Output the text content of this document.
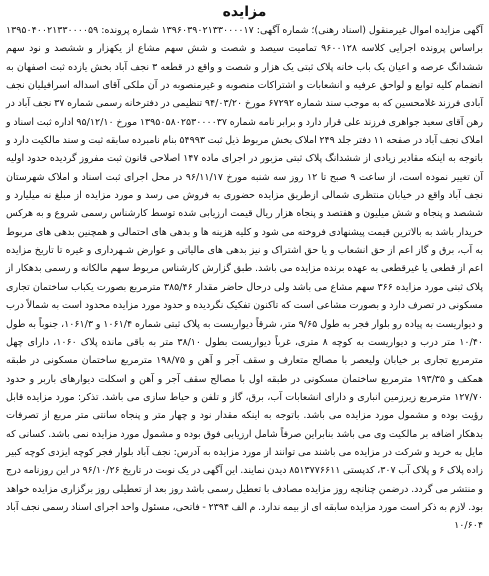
مزایده

آگهی مزایده اموال غیرمنقول (اسناد رهنی)؛ شماره آگهی: ۱۳۹۶۰۳۹۰۲۱۳۳۰۰۰۰۱۷ شماره پرونده: ۱۳۹۵۰۴۰۰۲۱۳۳۰۰۰۰۵۹ براساس پرونده اجرایی کلاسه ۹۶۰۰۱۲۸ تمامیت سیصد و شصت و شش سهم مشاع از یکهزار و ششصد و نود سهم ششدانگ عرصه و اعیان یک باب خانه پلاک ثبتی یک هزار و شصت و واقع در قطعه ۳ نجف آباد بخش یازده ثبت اصفهان به انضمام کلیه توابع و لواحق عرفیه و انشعابات و اشتراکات منصوبه و غیرمنصوبه در آن ملکی آقای اسداله اسرافیلیان نجف آبادی فرزند غلامحسین که به موجب سند شماره ۶۷۲۹۲ مورخ ۹۴/۰۳/۲۰ تنظیمی در دفترخانه رسمی شماره ۳۷ نجف آباد در رهن آقای سعید جواهری فرزند علی قرار دارد و برابر نامه شماره ۱۳۹۵۰۵۸۰۲۵۳۰۰۰۰۳۷ مورخ ۹۵/۱۲/۱۰ اداره ثبت اسناد و املاک نجف آباد در صفحه ۱۱ دفتر جلد ۲۴۹ املاک بخش مربوط ذیل ثبت ۵۴۹۹۳ بنام نامبرده سابقه ثبت و سند مالکیت دارد و باتوجه به اینکه مقادیر زیادی از ششدانگ پلاک ثبتی مزبور در اجرای ماده ۱۴۷ اصلاحی قانون ثبت مفروز گردیده حدود اولیه آن تغییر نموده است، از ساعت ۹ صبح تا ۱۲ روز سه شنبه مورخ ۹۶/۱۱/۱۷ در محل اجرای ثبت اسناد و املاک شهرستان نجف آباد واقع در خیابان منتظری شمالی ازطریق مزایده حضوری به فروش می رسد و مورد مزایده از مبلغ نه میلیارد و ششصد و پنجاه و شش میلیون و هفتصد و پنجاه هزار ریال قیمت ارزیابی شده توسط کارشناس رسمی شروع و به هرکس خریدار باشد به بالاترین قیمت پیشنهادی فروخته می شود و کلیه هزینه ها و بدهی های احتمالی و همچنین بدهی های مربوط به آب، برق و گاز اعم از حق انشعاب و یا حق اشتراک و نیز بدهی های مالیاتی و عوارض شـهرداری و غیره تا تاریخ مزایده اعم از قطعی یا غیرقطعی به عهده برنده مزایده می باشد. طبق گزارش کارشناس مربوط سهم مالکانه و رسمی بدهکار از پلاک ثبتی مورد مزایده ۳۶۶ سهم مشاع می باشد ولی درحال حاضر مقدار ۳۸۵/۴۶ مترمربع بصورت یکباب ساختمان تجاری مسکونی در تصرف دارد و بصورت مشاعی است که تاکنون تفکیک نگردیده و حدود مورد مزایده محدود است به شمالاً درب و دیواریست به پیاده رو بلوار فجر به طول ۹/۶۵ متر، شرقاً دیواریست به پلاک ثبتی شماره ۱۰۶۱/۴ و ۱۰۶۱/۳، جنوباً به طول ۱۰/۴۰ متر درب و دیواریست به کوچه ۸ متری، غرباً دیواریست بطول ۳۸/۱۰ متر به باقی مانده پلاک ۱۰۶۰، دارای چهل مترمربع تجاری بر خیابان ولیعصر با مصالح متعارف و سقف آجر و آهن و ۱۹۸/۷۵ مترمربع ساختمان مسکونی در طبقه همکف و ۱۹۳/۳۵ مترمربع ساختمان مسکونی در طبقه اول با مصالح سقف آجر و آهن و اسکلت دیوارهای باربر و حدود ۱۲۷/۷۰ مترمربع زیرزمین انباری و دارای انشعابات آب، برق، گاز و تلفن و حیاط سازی می باشد. تذکر: مورد مزایده قابل رؤیت بوده و مشمول مورد مزایده می باشد. باتوجه به اینکه مقدار نود و چهار متر و پنجاه سانتی متر مربع از تصرفات بدهکار اضافه بر مالکیت وی می باشد بنابراین صرفاً شامل ارزیابی فوق بوده و مشمول مورد مزایده نمی باشد. کسانی که مایل به خرید و شرکت در مزایده می باشند می توانند از مورد مزایده به آدرس: نجف آباد بلوار فجر کوچه ایزدی کوچه کبیر زاده پلاک ۶ و پلاک آب ۳۰۷، کدپستی ۸۵۱۳۷۷۶۶۱۱ دیدن نمایند. این آگهی در یک نوبت در تاریخ ۹۶/۱۰/۲۶ در این روزنامه درج و منتشر می گردد. درضمن چنانچه روز مزایده مصادف با تعطیل رسمی باشد روز بعد از تعطیلی روز برگزاری مزایده خواهد بود. لازم به ذکر است مورد مزایده سابقه ای از بیمه ندارد. م الف ۲۳۹۴ - فاتحی، مسئول واحد اجرای اسناد رسمی نجف آباد ۱۰/۶۰۴
